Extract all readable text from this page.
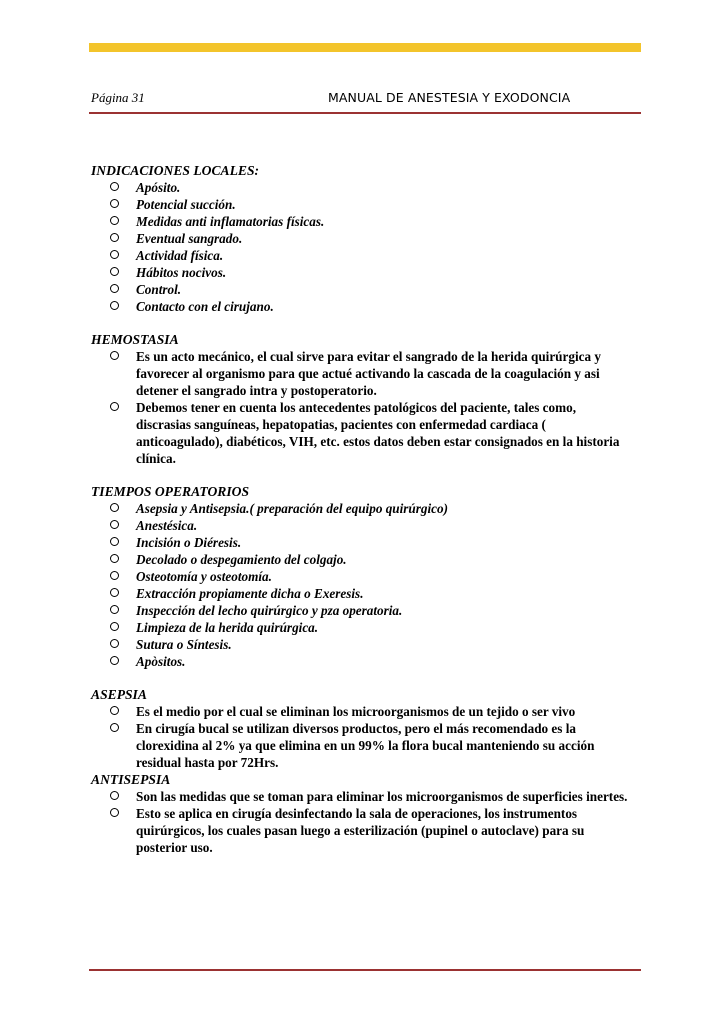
Página 31	MANUAL DE ANESTESIA Y EXODONCIA

INDICACIONES LOCALES:

Apósito.
Potencial succión.
Medidas anti inflamatorias físicas.
Eventual sangrado.
Actividad física.
Hábitos nocivos.
Control.
Contacto con el cirujano.

HEMOSTASIA

Es un acto mecánico, el cual sirve para evitar el sangrado de la herida quirúrgica y favorecer al organismo para que actué activando la cascada de la coagulación y asi detener el sangrado intra y postoperatorio.
Debemos tener en cuenta los antecedentes patológicos del paciente, tales como, discrasias sanguíneas, hepatopatias, pacientes con enfermedad cardiaca ( anticoagulado), diabéticos, VIH, etc. estos datos deben estar consignados en la historia clínica.

TIEMPOS OPERATORIOS

Asepsia y Antisepsia.( preparación del equipo quirúrgico)
Anestésica.
Incisión o Diéresis.
Decolado o despegamiento del colgajo.
Osteotomía y osteotomía.
Extracción propiamente dicha o Exeresis.
Inspección del lecho quirúrgico y pza operatoria.
Limpieza de la herida quirúrgica.
Sutura o Síntesis.
Apòsitos.

ASEPSIA

Es el medio por el cual se eliminan los microorganismos de un tejido o ser vivo
En cirugía bucal se utilizan diversos productos, pero el más recomendado es la clorexidina al 2% ya que elimina en un 99% la flora bucal manteniendo su acción residual hasta por 72Hrs.

ANTISEPSIA

Son las medidas que se toman para eliminar los microorganismos de superficies inertes.
Esto se aplica en cirugía desinfectando la sala de operaciones, los instrumentos quirúrgicos, los cuales pasan luego a esterilización (pupinel o autoclave) para su posterior uso.
